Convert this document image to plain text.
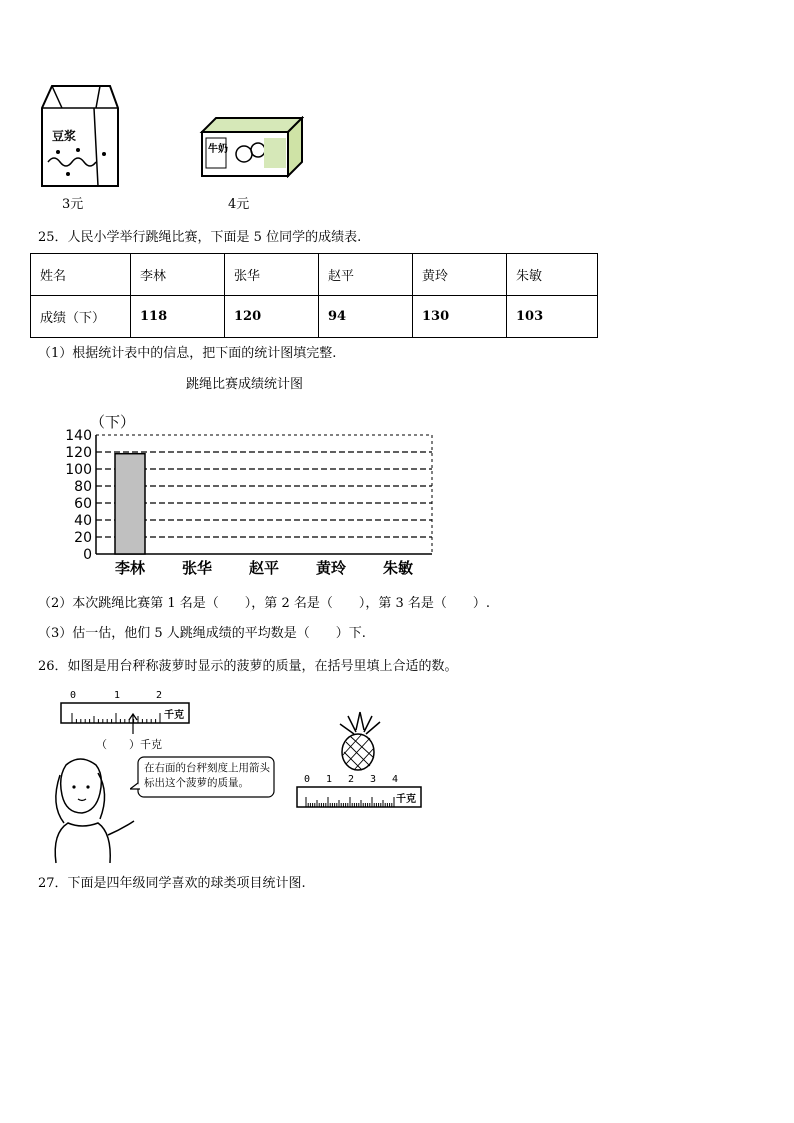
豆浆
3元
牛奶
4元
25．人民小学举行跳绳比赛，下面是 5 位同学的成绩表.
姓名	李林	张华	赵平	黄玲	朱敏
成绩（下）	118	120	94	130	103
（1）根据统计表中的信息，把下面的统计图填完整.
跳绳比赛成绩统计图
（下）
0
20
40
60
80
100
120
140
李林 张华 赵平 黄玲 朱敏
（2）本次跳绳比赛第 1 名是（　　），第 2 名是（　　），第 3 名是（　　）.
（3）估一估，他们 5 人跳绳成绩的平均数是（　　）下.
26．如图是用台秤称菠萝时显示的菠萝的质量，在括号里填上合适的数。
0	1	2
千克
（　　）千克
在右面的台秤刻度上用箭头标出这个菠萝的质量。	0 1 2 3 4
千克
27．下面是四年级同学喜欢的球类项目统计图.
